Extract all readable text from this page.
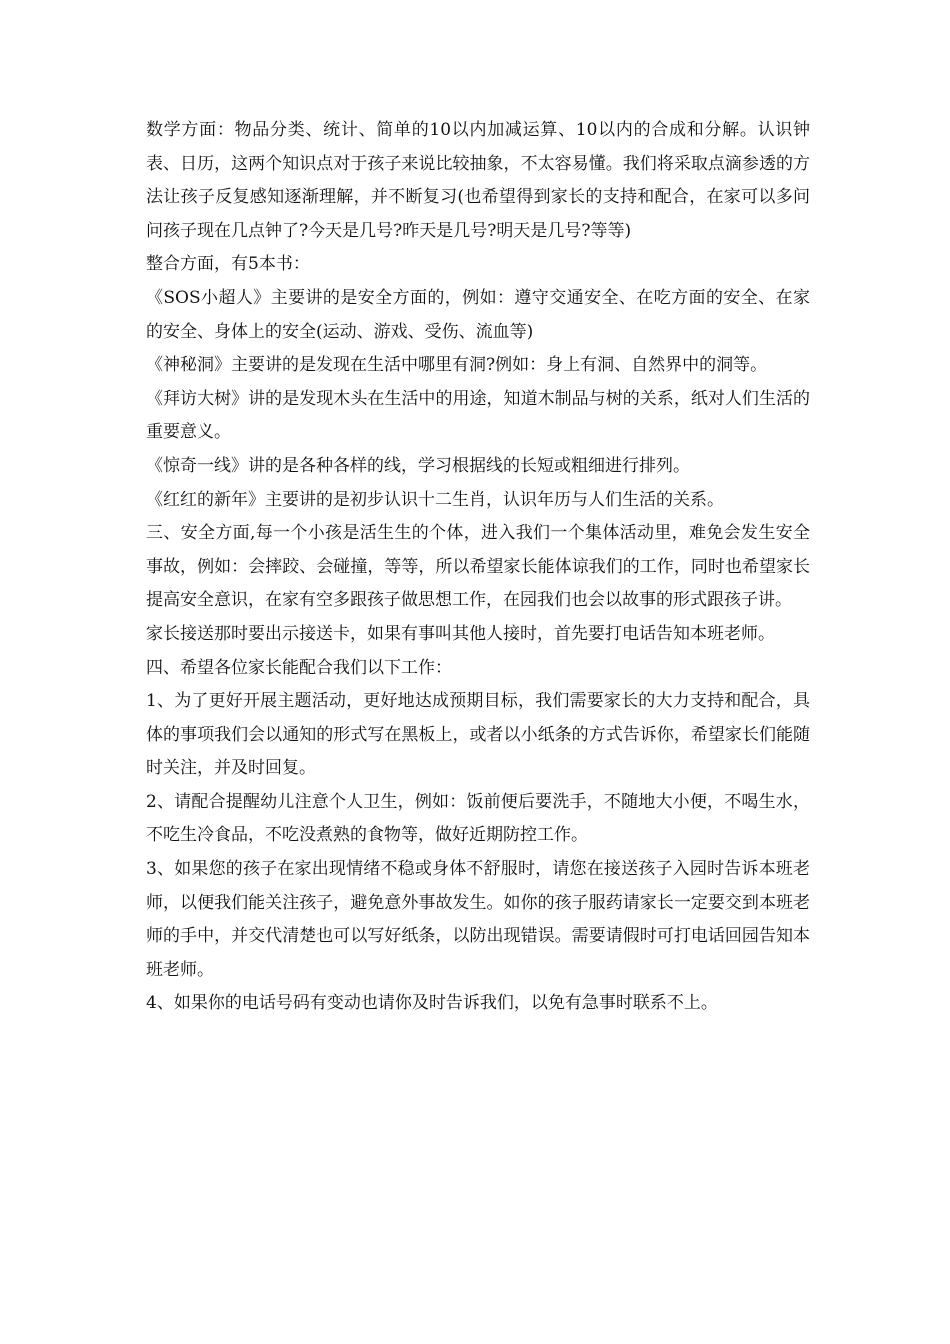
数学方面：物品分类、统计、简单的10以内加减运算、10以内的合成和分解。认识钟表、日历，这两个知识点对于孩子来说比较抽象，不太容易懂。我们将采取点滴参透的方法让孩子反复感知逐渐理解，并不断复习(也希望得到家长的支持和配合，在家可以多问问孩子现在几点钟了?今天是几号?昨天是几号?明天是几号?等等)

整合方面，有5本书：

《SOS小超人》主要讲的是安全方面的，例如：遵守交通安全、在吃方面的安全、在家的安全、身体上的安全(运动、游戏、受伤、流血等)

《神秘洞》主要讲的是发现在生活中哪里有洞?例如：身上有洞、自然界中的洞等。

《拜访大树》讲的是发现木头在生活中的用途，知道木制品与树的关系，纸对人们生活的重要意义。

《惊奇一线》讲的是各种各样的线，学习根据线的长短或粗细进行排列。

《红红的新年》主要讲的是初步认识十二生肖，认识年历与人们生活的关系。

三、安全方面,每一个小孩是活生生的个体，进入我们一个集体活动里，难免会发生安全事故，例如：会摔跤、会碰撞，等等，所以希望家长能体谅我们的工作，同时也希望家长提高安全意识，在家有空多跟孩子做思想工作，在园我们也会以故事的形式跟孩子讲。

家长接送那时要出示接送卡，如果有事叫其他人接时，首先要打电话告知本班老师。

四、希望各位家长能配合我们以下工作：

1、为了更好开展主题活动，更好地达成预期目标，我们需要家长的大力支持和配合，具体的事项我们会以通知的形式写在黑板上，或者以小纸条的方式告诉你，希望家长们能随时关注，并及时回复。

2、请配合提醒幼儿注意个人卫生，例如：饭前便后要洗手，不随地大小便，不喝生水，不吃生冷食品，不吃没煮熟的食物等，做好近期防控工作。

3、如果您的孩子在家出现情绪不稳或身体不舒服时，请您在接送孩子入园时告诉本班老师，以便我们能关注孩子，避免意外事故发生。如你的孩子服药请家长一定要交到本班老师的手中，并交代清楚也可以写好纸条，以防出现错误。需要请假时可打电话回园告知本班老师。

4、如果你的电话号码有变动也请你及时告诉我们，以免有急事时联系不上。
